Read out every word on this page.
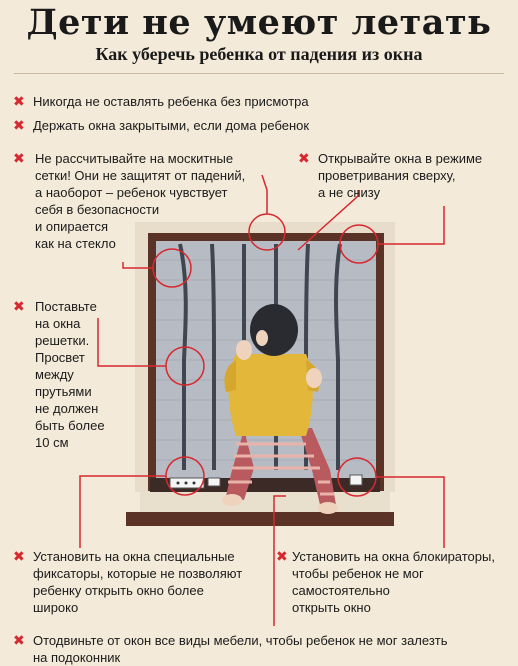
Дети не умеют летать
Как уберечь ребенка от падения из окна
✖ Никогда не оставлять ребенка без присмотра
✖ Держать окна закрытыми, если дома ребенок
✖ Не рассчитывайте на москитные
сетки! Они не защитят от падений,
а наоборот – ребенок чувствует
себя в безопасности
и опирается
как на стекло
✖ Открывайте окна в режиме
проветривания сверху,
а не снизу
✖ Поставьте
на окна
решетки.
Просвет
между
прутьями
не должен
быть более
10 см
✖ Установить на окна специальные
фиксаторы, которые не позволяют
ребенку открыть окно более
широко
✖ Установить на окна блокираторы,
чтобы ребенок не мог
самостоятельно
открыть окно
✖ Отодвиньте от окон все виды мебели, чтобы ребенок не мог залезть
на подоконник
